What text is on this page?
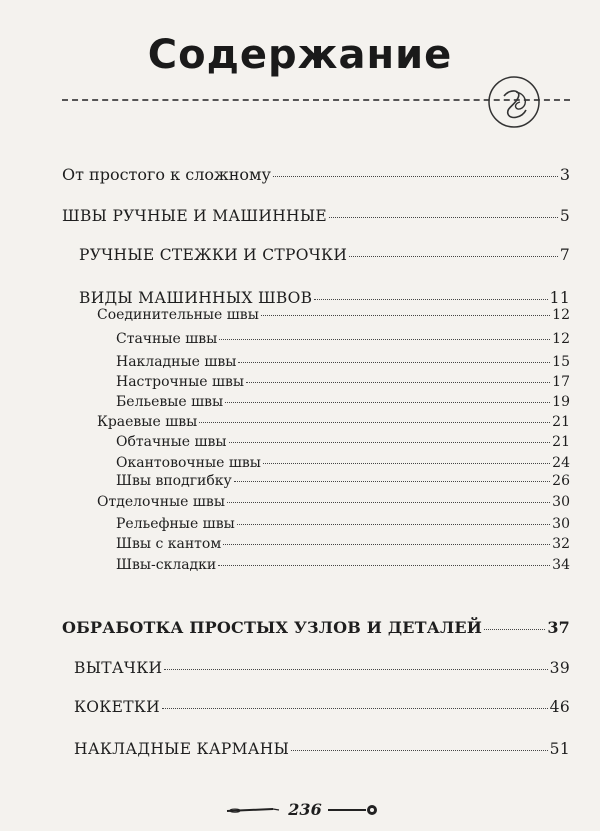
Содержание
От простого к сложному	3
ШВЫ РУЧНЫЕ И МАШИННЫЕ	5
РУЧНЫЕ СТЕЖКИ И СТРОЧКИ	7
ВИДЫ МАШИННЫХ ШВОВ	11
Соединительные швы	12
Стачные швы	12
Накладные швы	15
Настрочные швы	17
Бельевые швы	19
Краевые швы	21
Обтачные швы	21
Окантовочные швы	24
Швы вподгибку	26
Отделочные швы	30
Рельефные швы	30
Швы с кантом	32
Швы-складки	34
ОБРАБОТКА ПРОСТЫХ УЗЛОВ И ДЕТАЛЕЙ	37
ВЫТАЧКИ	39
КОКЕТКИ	46
НАКЛАДНЫЕ КАРМАНЫ	51
236
